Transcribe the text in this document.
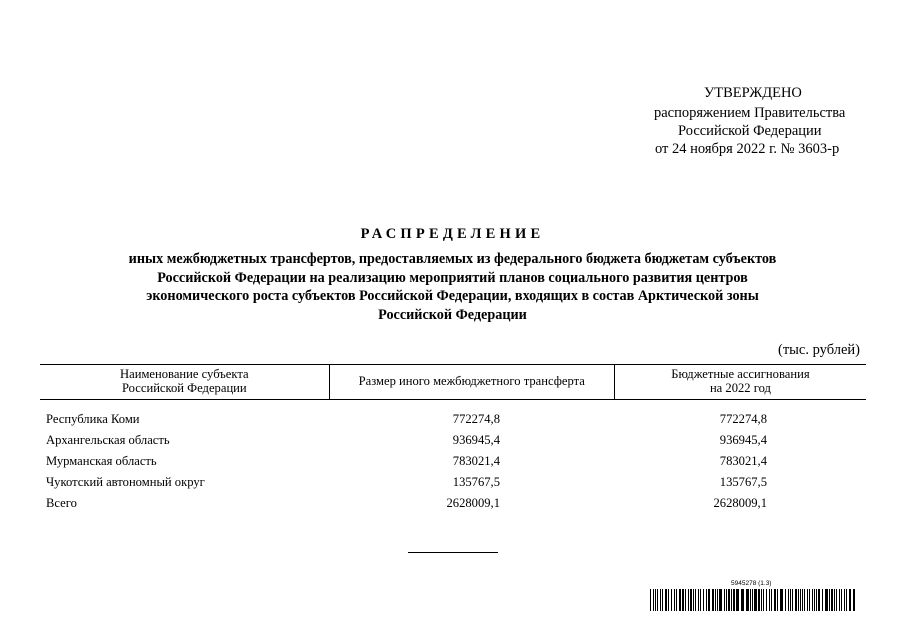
УТВЕРЖДЕНО
распоряжением Правительства
Российской Федерации
от 24 ноября 2022 г. № 3603-р
РАСПРЕДЕЛЕНИЕ
иных межбюджетных трансфертов, предоставляемых из федерального бюджета бюджетам субъектов
Российской Федерации на реализацию мероприятий планов социального развития центров
экономического роста субъектов Российской Федерации, входящих в состав Арктической зоны
Российской Федерации
(тыс. рублей)
Наименование субъекта
Российской Федерации	Размер иного межбюджетного трансферта	Бюджетные ассигнования
на 2022 год
Республика Коми	772274,8	772274,8
Архангельская область	936945,4	936945,4
Мурманская область	783021,4	783021,4
Чукотский автономный округ	135767,5	135767,5
Всего	2628009,1	2628009,1
5945278 (1.3)
